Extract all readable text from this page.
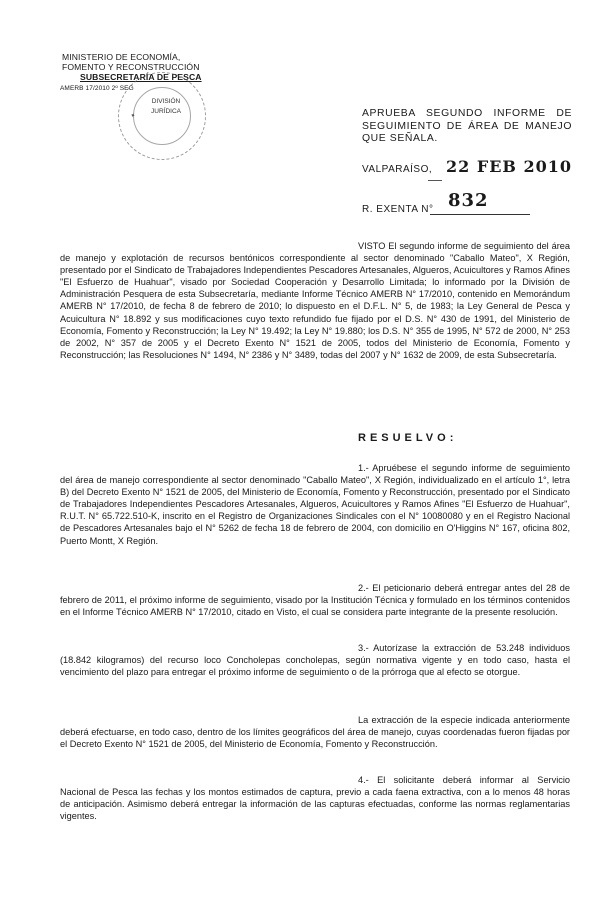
MINISTERIO DE ECONOMÍA,
FOMENTO Y RECONSTRUCCIÓN
SUBSECRETARÍA DE PESCA
AMERB 17/2010 2º SEG
DIVISIÓN
JURÍDICA
✦	APRUEBA SEGUNDO INFORME DE SEGUIMIENTO DE ÁREA DE MANEJO QUE SEÑALA.
VALPARAÍSO, 22 FEB 2010
R. EXENTA N° 832
VISTO El segundo informe de seguimiento del área de manejo y explotación de recursos bentónicos correspondiente al sector denominado "Caballo Mateo", X Región, presentado por el Sindicato de Trabajadores Independientes Pescadores Artesanales, Algueros, Acuicultores y Ramos Afines "El Esfuerzo de Huahuar", visado por Sociedad Cooperación y Desarrollo Limitada; lo informado por la División de Administración Pesquera de esta Subsecretaría, mediante Informe Técnico AMERB N° 17/2010, contenido en Memorándum AMERB N° 17/2010, de fecha 8 de febrero de 2010; lo dispuesto en el D.F.L. N° 5, de 1983; la Ley General de Pesca y Acuicultura N° 18.892 y sus modificaciones cuyo texto refundido fue fijado por el D.S. N° 430 de 1991, del Ministerio de Economía, Fomento y Reconstrucción; la Ley N° 19.492; la Ley N° 19.880; los D.S. N° 355 de 1995, N° 572 de 2000, N° 253 de 2002, N° 357 de 2005 y el Decreto Exento N° 1521 de 2005, todos del Ministerio de Economía, Fomento y Reconstrucción; las Resoluciones N° 1494, N° 2386 y N° 3489, todas del 2007 y N° 1632 de 2009, de esta Subsecretaría.
RESUELVO:
1.- Apruébese el segundo informe de seguimiento del área de manejo correspondiente al sector denominado "Caballo Mateo", X Región, individualizado en el artículo 1°, letra B) del Decreto Exento N° 1521 de 2005, del Ministerio de Economía, Fomento y Reconstrucción, presentado por el Sindicato de Trabajadores Independientes Pescadores Artesanales, Algueros, Acuicultores y Ramos Afines "El Esfuerzo de Huahuar", R.U.T. N° 65.722.510-K, inscrito en el Registro de Organizaciones Sindicales con el N° 10080080 y en el Registro Nacional de Pescadores Artesanales bajo el N° 5262 de fecha 18 de febrero de 2004, con domicilio en O'Higgins N° 167, oficina 802, Puerto Montt, X Región.
2.- El peticionario deberá entregar antes del 28 de febrero de 2011, el próximo informe de seguimiento, visado por la Institución Técnica y formulado en los términos contenidos en el Informe Técnico AMERB N° 17/2010, citado en Visto, el cual se considera parte integrante de la presente resolución.
3.- Autorízase la extracción de 53.248 individuos (18.842 kilogramos) del recurso loco Concholepas concholepas, según normativa vigente y en todo caso, hasta el vencimiento del plazo para entregar el próximo informe de seguimiento o de la prórroga que al efecto se otorgue.
La extracción de la especie indicada anteriormente deberá efectuarse, en todo caso, dentro de los límites geográficos del área de manejo, cuyas coordenadas fueron fijadas por el Decreto Exento N° 1521 de 2005, del Ministerio de Economía, Fomento y Reconstrucción.
4.- El solicitante deberá informar al Servicio Nacional de Pesca las fechas y los montos estimados de captura, previo a cada faena extractiva, con a lo menos 48 horas de anticipación. Asimismo deberá entregar la información de las capturas efectuadas, conforme las normas reglamentarias vigentes.
